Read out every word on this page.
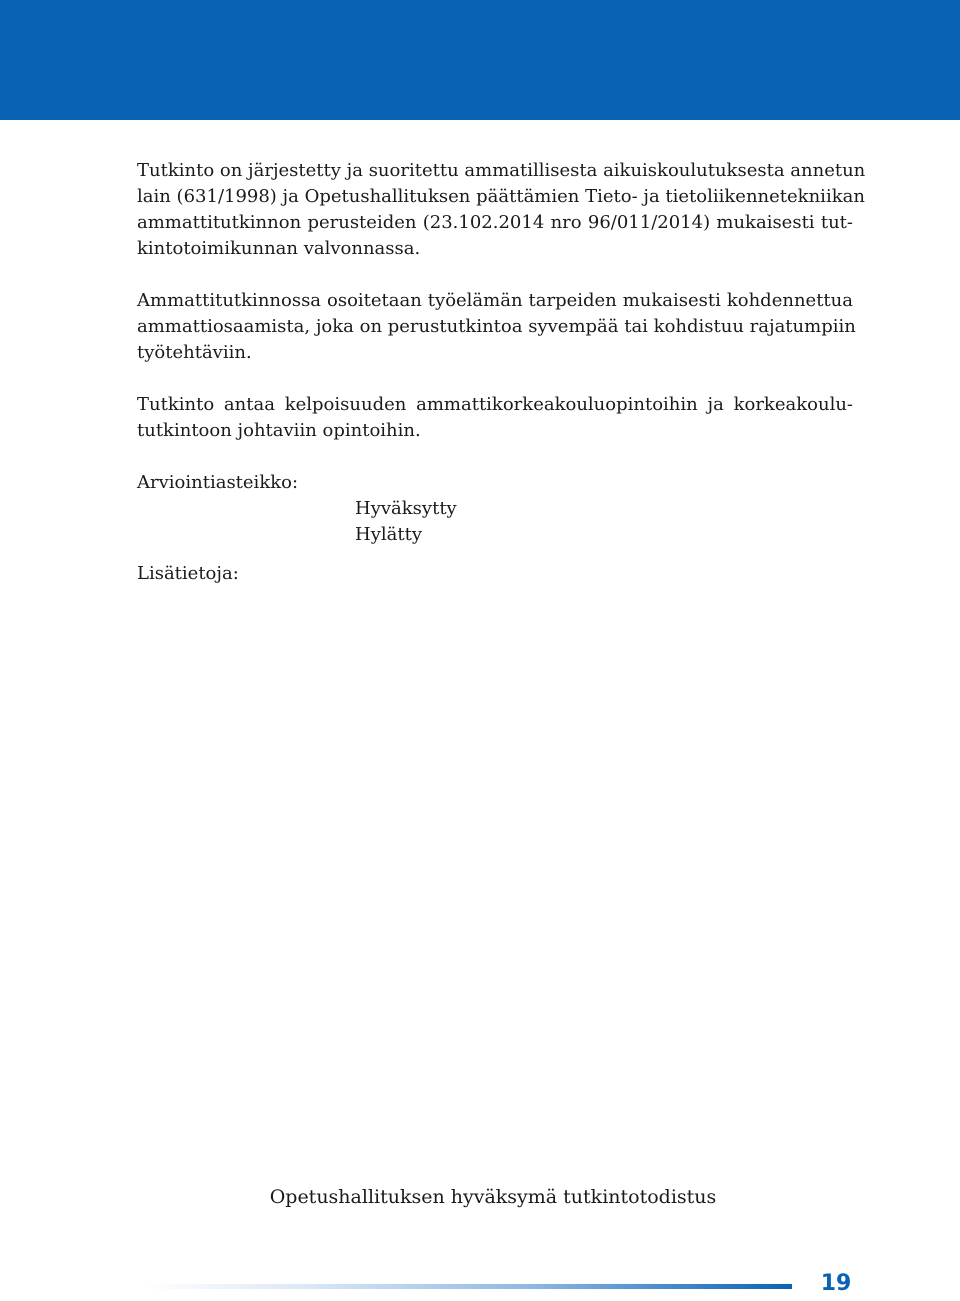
Tutkinto on järjestetty ja suoritettu ammatillisesta aikuiskoulutuksesta annetun
lain (631/1998) ja Opetushallituksen päättämien Tieto- ja tietoliikennetekniikan
ammattitutkinnon perusteiden (23.102.2014 nro 96/011/2014) mukaisesti tut-
kintotoimikunnan valvonnassa.
Ammattitutkinnossa osoitetaan työelämän tarpeiden mukaisesti kohdennettua
ammattiosaamista, joka on perustutkintoa syvempää tai kohdistuu rajatumpiin
työtehtäviin.
Tutkinto antaa kelpoisuuden ammattikorkeakouluopintoihin ja korkeakoulu-
tutkintoon johtaviin opintoihin.
Arviointiasteikko:
Hyväksytty
Hylätty
Lisätietoja:
Opetushallituksen hyväksymä tutkintotodistus
19
